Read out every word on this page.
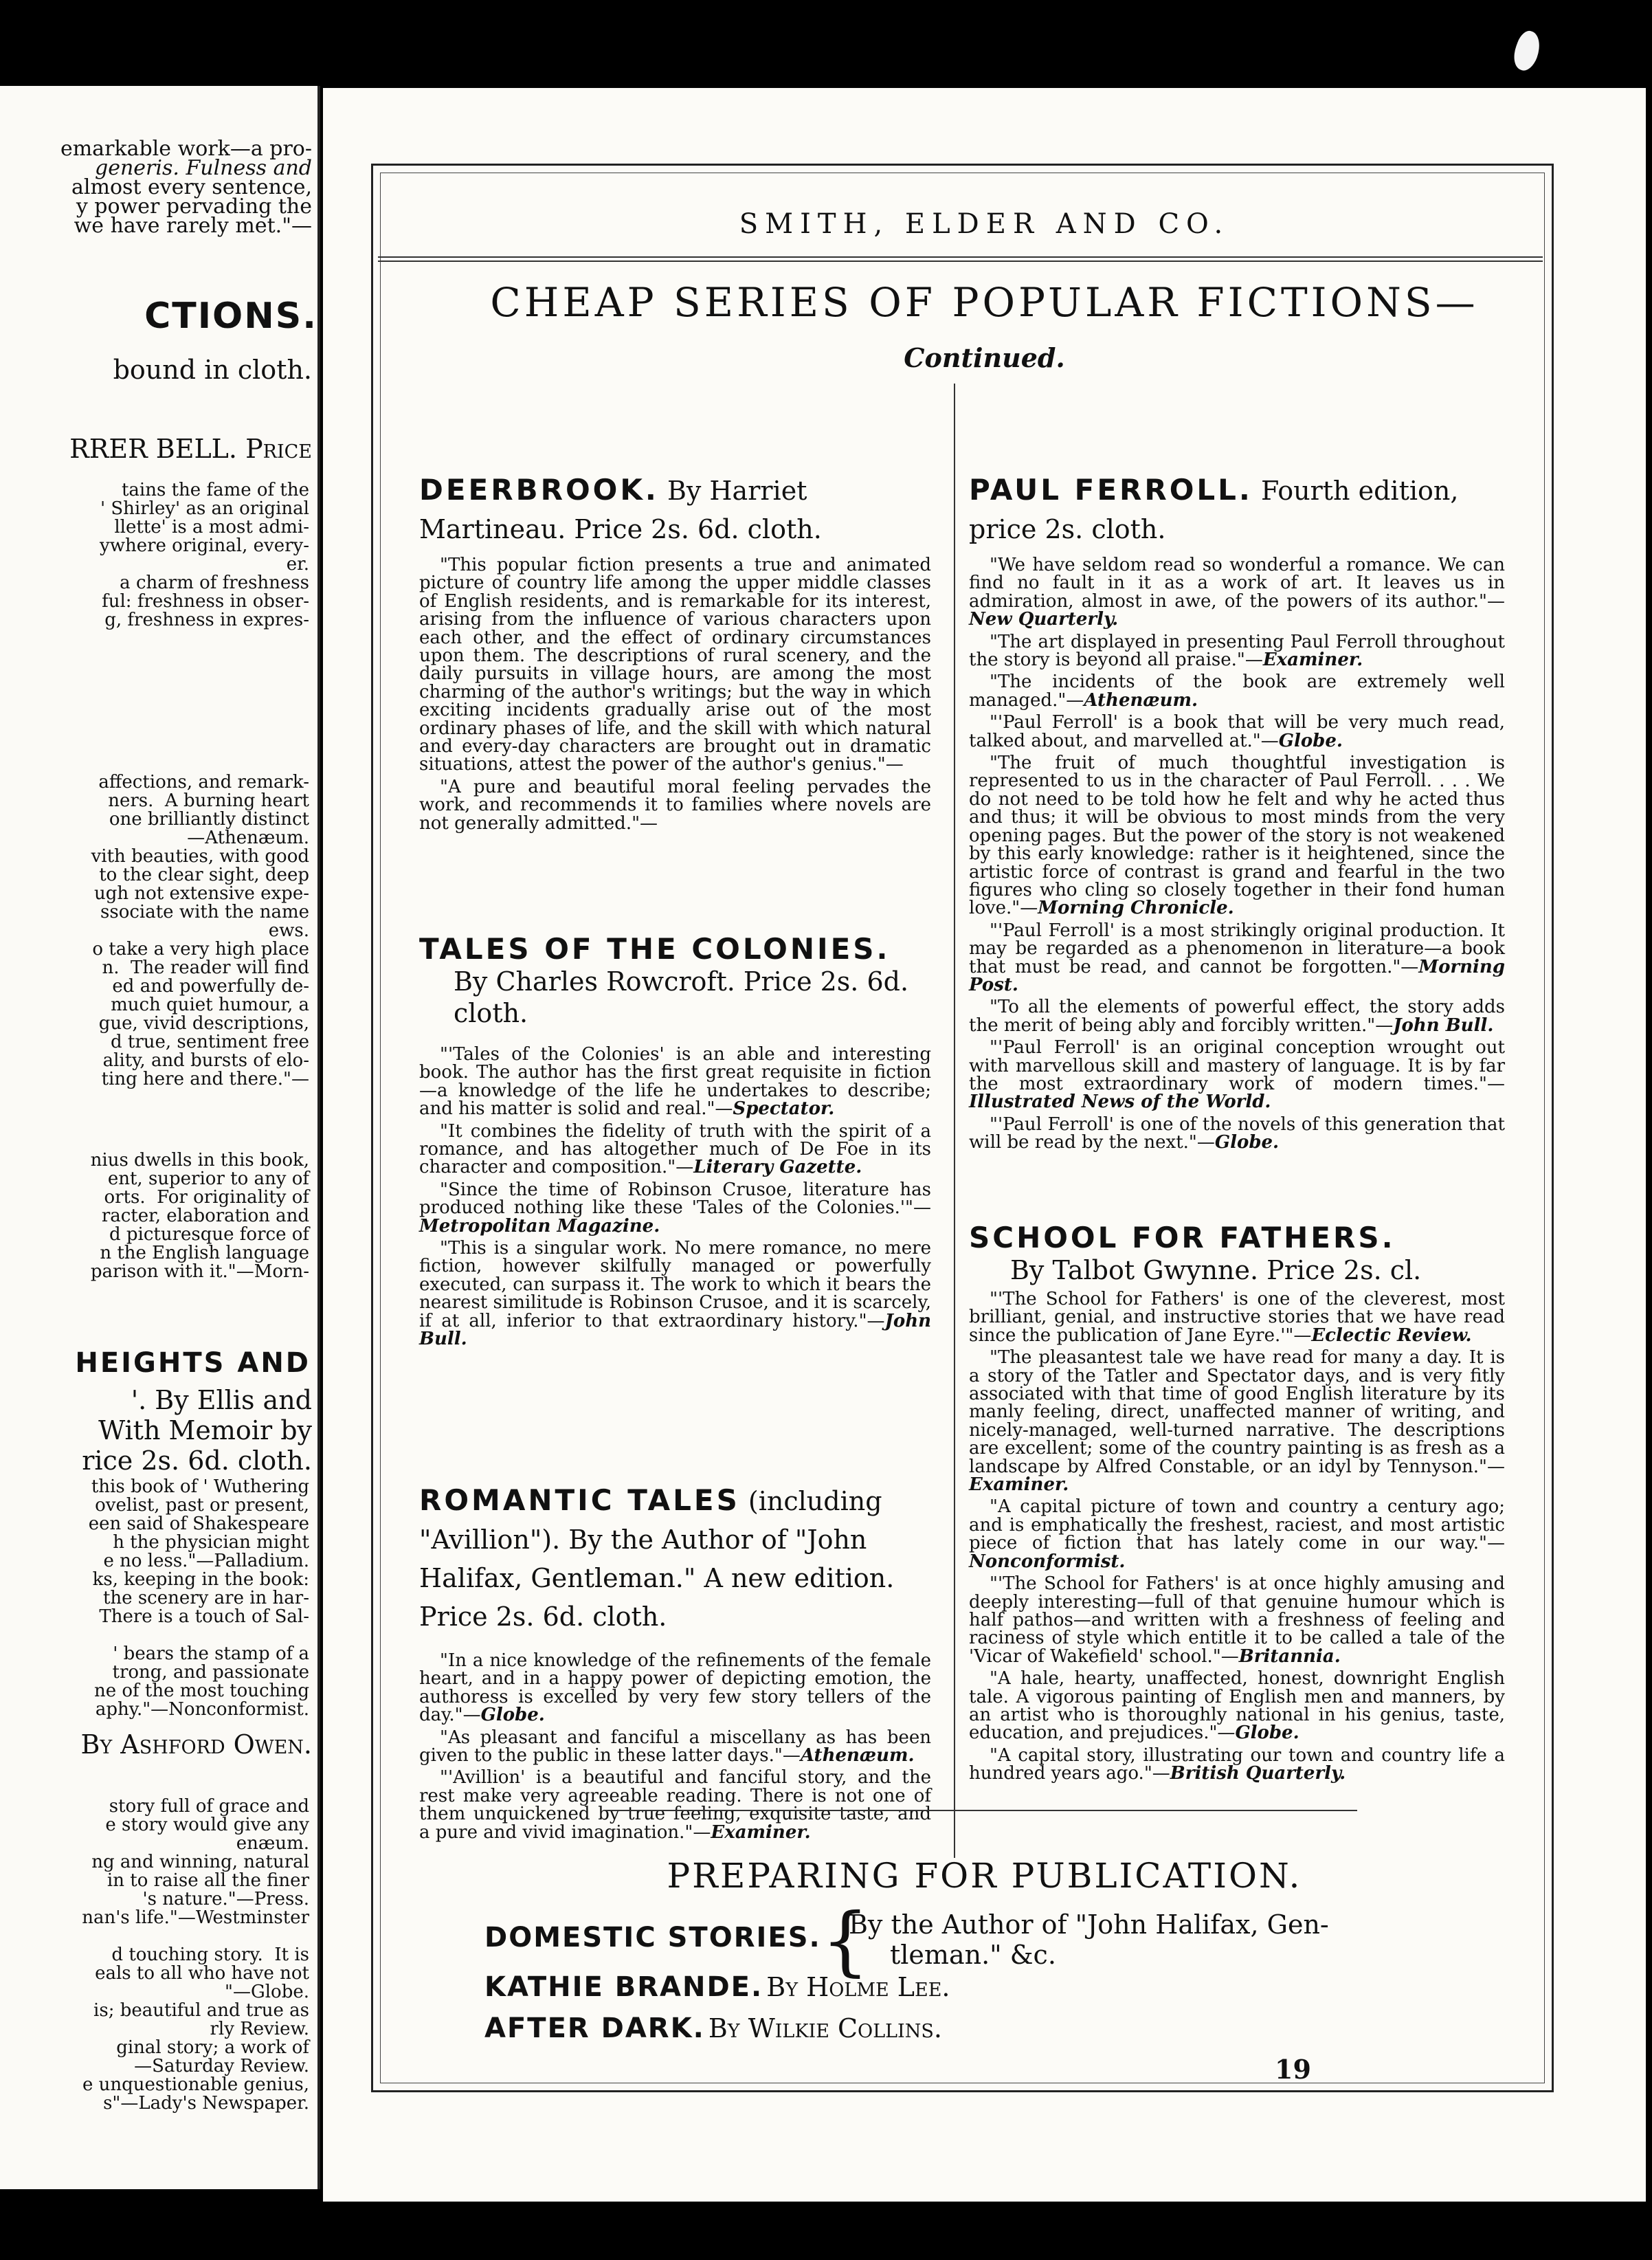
emarkable work—a pro-
generis. Fulness and
almost every sentence,
y power pervading the
we have rarely met."—
CTIONS.
bound in cloth.
RRER BELL. Price
tains the fame of the
' Shirley' as an original
llette' is a most admi-
ywhere original, every-
er.
a charm of freshness
ful: freshness in obser-
g, freshness in expres-
affections, and remark-
ners.  A burning heart
one brilliantly distinct
—Athenæum.
vith beauties, with good
to the clear sight, deep
ugh not extensive expe-
ssociate with the name
ews.
o take a very high place
n.  The reader will find
ed and powerfully de-
much quiet humour, a
gue, vivid descriptions,
d true, sentiment free
ality, and bursts of elo-
ting here and there."—
nius dwells in this book,
ent, superior to any of
orts.  For originality of
racter, elaboration and
d picturesque force of
n the English language
parison with it."—Morn-
HEIGHTS AND
'. By Ellis and
With Memoir by
rice 2s. 6d. cloth.
this book of ' Wuthering
ovelist, past or present,
een said of Shakespeare
h the physician might
e no less."—Palladium.
ks, keeping in the book:
the scenery are in har-
There is a touch of Sal-

' bears the stamp of a
trong, and passionate
ne of the most touching
aphy."—Nonconformist.
By Ashford Owen.
story full of grace and
e story would give any
enæum.
ng and winning, natural
in to raise all the finer
's nature."—Press.
nan's life."—Westminster

d touching story.  It is
eals to all who have not
"—Globe.
is; beautiful and true as
rly Review.
ginal story; a work of
—Saturday Review.
e unquestionable genius,
s"—Lady's Newspaper.
SMITH, ELDER AND CO.
CHEAP SERIES OF POPULAR FICTIONS—
Continued.
DEERBROOK. By Harriet Martineau. Price 2s. 6d. cloth.

"This popular fiction presents a true and animated picture of country life among the upper middle classes of English residents, and is remarkable for its interest, arising from the influence of various characters upon each other, and the effect of ordinary circumstances upon them. The descriptions of rural scenery, and the daily pursuits in village hours, are among the most charming of the author's writings; but the way in which exciting incidents gradually arise out of the most ordinary phases of life, and the skill with which natural and every-day characters are brought out in dramatic situations, attest the power of the author's genius."—

"A pure and beautiful moral feeling pervades the work, and recommends it to families where novels are not generally admitted."—

TALES OF THE COLONIES.
By Charles Rowcroft. Price 2s. 6d. cloth.

"'Tales of the Colonies' is an able and interesting book. The author has the first great requisite in fiction—a knowledge of the life he undertakes to describe; and his matter is solid and real."—Spectator.

"It combines the fidelity of truth with the spirit of a romance, and has altogether much of De Foe in its character and composition."—Literary Gazette.

"Since the time of Robinson Crusoe, literature has produced nothing like these 'Tales of the Colonies.'"—Metropolitan Magazine.

"This is a singular work. No mere romance, no mere fiction, however skilfully managed or powerfully executed, can surpass it. The work to which it bears the nearest similitude is Robinson Crusoe, and it is scarcely, if at all, inferior to that extraordinary history."—John Bull.

ROMANTIC TALES (including "Avillion"). By the Author of "John Halifax, Gentleman." A new edition. Price 2s. 6d. cloth.

"In a nice knowledge of the refinements of the female heart, and in a happy power of depicting emotion, the authoress is excelled by very few story tellers of the day."—Globe.

"As pleasant and fanciful a miscellany as has been given to the public in these latter days."—Athenæum.

"'Avillion' is a beautiful and fanciful story, and the rest make very agreeable reading. There is not one of them unquickened by true feeling, exquisite taste, and a pure and vivid imagination."—Examiner.

PAUL FERROLL. Fourth edition, price 2s. cloth.

"We have seldom read so wonderful a romance. We can find no fault in it as a work of art. It leaves us in admiration, almost in awe, of the powers of its author."—New Quarterly.

"The art displayed in presenting Paul Ferroll throughout the story is beyond all praise."—Examiner.

"The incidents of the book are extremely well managed."—Athenæum.

"'Paul Ferroll' is a book that will be very much read, talked about, and marvelled at."—Globe.

"The fruit of much thoughtful investigation is represented to us in the character of Paul Ferroll. . . . We do not need to be told how he felt and why he acted thus and thus; it will be obvious to most minds from the very opening pages. But the power of the story is not weakened by this early knowledge: rather is it heightened, since the artistic force of contrast is grand and fearful in the two figures who cling so closely together in their fond human love."—Morning Chronicle.

"'Paul Ferroll' is a most strikingly original production. It may be regarded as a phenomenon in literature—a book that must be read, and cannot be forgotten."—Morning Post.

"To all the elements of powerful effect, the story adds the merit of being ably and forcibly written."—John Bull.

"'Paul Ferroll' is an original conception wrought out with marvellous skill and mastery of language. It is by far the most extraordinary work of modern times."—Illustrated News of the World.

"'Paul Ferroll' is one of the novels of this generation that will be read by the next."—Globe.

SCHOOL FOR FATHERS.
By Talbot Gwynne. Price 2s. cl.

"'The School for Fathers' is one of the cleverest, most brilliant, genial, and instructive stories that we have read since the publication of Jane Eyre.'"—Eclectic Review.

"The pleasantest tale we have read for many a day. It is a story of the Tatler and Spectator days, and is very fitly associated with that time of good English literature by its manly feeling, direct, unaffected manner of writing, and nicely-managed, well-turned narrative. The descriptions are excellent; some of the country painting is as fresh as a landscape by Alfred Constable, or an idyl by Tennyson."—Examiner.

"A capital picture of town and country a century ago; and is emphatically the freshest, raciest, and most artistic piece of fiction that has lately come in our way."—Nonconformist.

"'The School for Fathers' is at once highly amusing and deeply interesting—full of that genuine humour which is half pathos—and written with a freshness of feeling and raciness of style which entitle it to be called a tale of the 'Vicar of Wakefield' school."—Britannia.

"A hale, hearty, unaffected, honest, downright English tale. A vigorous painting of English men and manners, by an artist who is thoroughly national in his genius, taste, education, and prejudices."—Globe.

"A capital story, illustrating our town and country life a hundred years ago."—British Quarterly.

PREPARING FOR PUBLICATION.
DOMESTIC STORIES. {
By the Author of "John Halifax, Gen-
tleman." &c.
KATHIE BRANDE. By Holme Lee.
AFTER DARK. By Wilkie Collins.
19
